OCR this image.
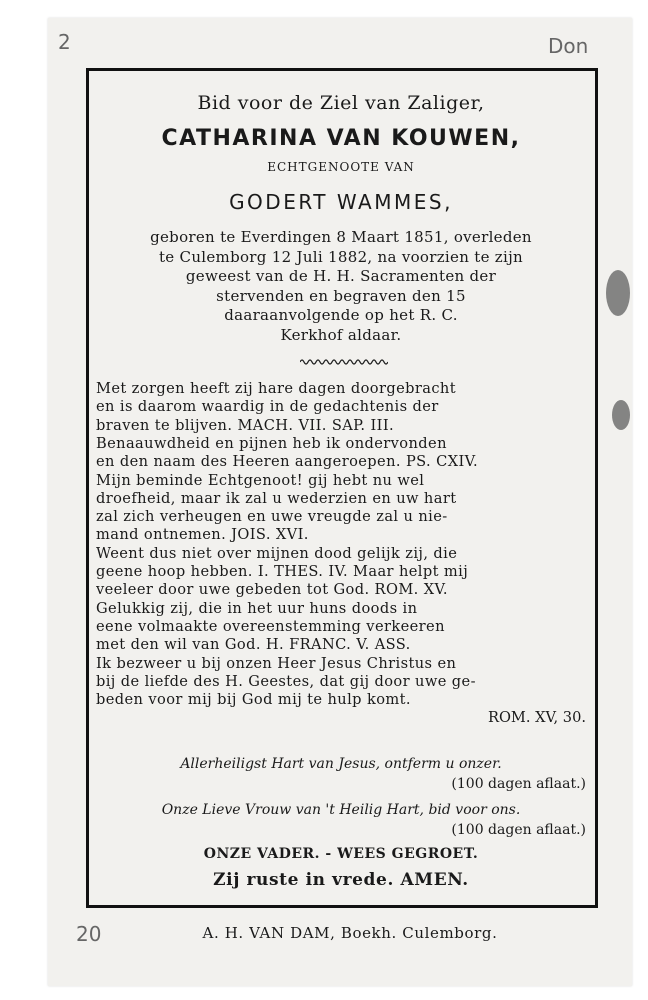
2	Don
20
Bid voor de Ziel van Zaliger,
CATHARINA VAN KOUWEN,
ECHTGENOOTE VAN
GODERT WAMMES,
geboren te Everdingen 8 Maart 1851, overleden
te Culemborg 12 Juli 1882, na voorzien te zijn
geweest van de H. H. Sacramenten der
stervenden en begraven den 15
daaraanvolgende op het R. C.
Kerkhof aldaar.
Met zorgen heeft zij hare dagen doorgebracht
en is daarom waardig in de gedachtenis der
braven te blijven. MACH. VII. SAP. III.
Benaauwdheid en pijnen heb ik ondervonden
en den naam des Heeren aangeroepen. PS. CXIV.
Mijn beminde Echtgenoot! gij hebt nu wel
droefheid, maar ik zal u wederzien en uw hart
zal zich verheugen en uwe vreugde zal u nie-
mand ontnemen. JOIS. XVI.
Weent dus niet over mijnen dood gelijk zij, die
geene hoop hebben. I. THES. IV. Maar helpt mij
veeleer door uwe gebeden tot God. ROM. XV.
Gelukkig zij, die in het uur huns doods in
eene volmaakte overeenstemming verkeeren
met den wil van God. H. FRANC. V. ASS.
Ik bezweer u bij onzen Heer Jesus Christus en
bij de liefde des H. Geestes, dat gij door uwe ge-
beden voor mij bij God mij te hulp komt.
ROM. XV, 30.
Allerheiligst Hart van Jesus, ontferm u onzer.
(100 dagen aflaat.)
Onze Lieve Vrouw van 't Heilig Hart, bid voor ons.
(100 dagen aflaat.)
ONZE VADER. - WEES GEGROET.
Zij ruste in vrede. AMEN.
A. H. VAN DAM, Boekh. Culemborg.
